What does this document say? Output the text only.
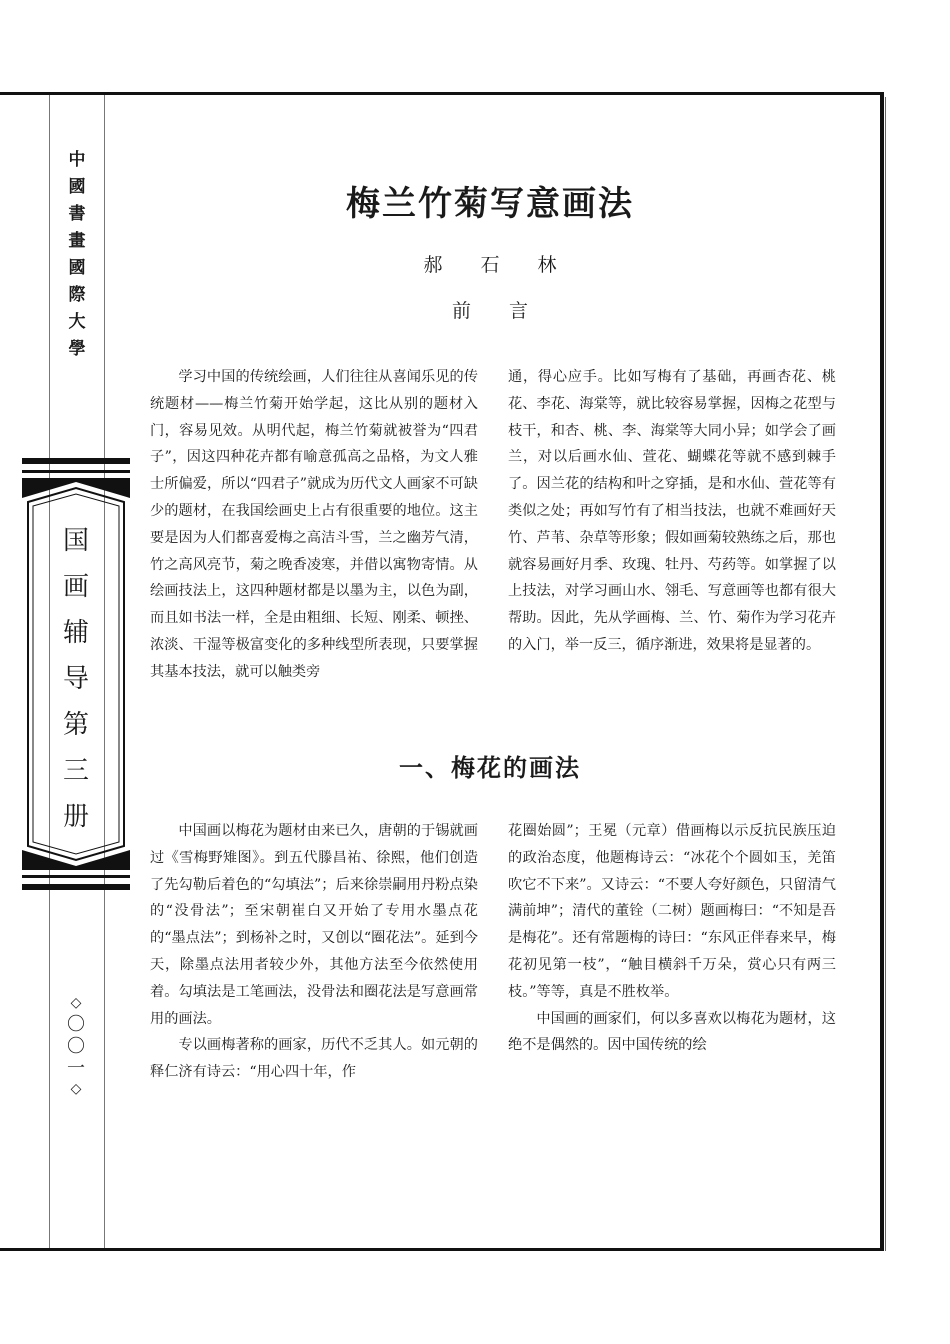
中
國
書
畫
國
際
大
學
国
画
辅
导
第
三
册
◇
〇
〇
一
◇
梅兰竹菊写意画法
郝石林
前言
学习中国的传统绘画，人们往往从喜闻乐见的传统题材——梅兰竹菊开始学起，这比从别的题材入门，容易见效。从明代起，梅兰竹菊就被誉为“四君子”，因这四种花卉都有喻意孤高之品格，为文人雅士所偏爱，所以“四君子”就成为历代文人画家不可缺少的题材，在我国绘画史上占有很重要的地位。这主要是因为人们都喜爱梅之高洁斗雪，兰之幽芳气清，竹之高风亮节，菊之晚香凌寒，并借以寓物寄情。从绘画技法上，这四种题材都是以墨为主，以色为副，而且如书法一样，全是由粗细、长短、刚柔、顿挫、浓淡、干湿等极富变化的多种线型所表现，只要掌握其基本技法，就可以触类旁
通，得心应手。比如写梅有了基础，再画杏花、桃花、李花、海棠等，就比较容易掌握，因梅之花型与枝干，和杏、桃、李、海棠等大同小异；如学会了画兰，对以后画水仙、萱花、蝴蝶花等就不感到棘手了。因兰花的结构和叶之穿插，是和水仙、萱花等有类似之处；再如写竹有了相当技法，也就不难画好天竹、芦苇、杂草等形象；假如画菊较熟练之后，那也就容易画好月季、玫瑰、牡丹、芍药等。如掌握了以上技法，对学习画山水、翎毛、写意画等也都有很大帮助。因此，先从学画梅、兰、竹、菊作为学习花卉的入门，举一反三，循序渐进，效果将是显著的。
一、梅花的画法
中国画以梅花为题材由来已久，唐朝的于锡就画过《雪梅野雉图》。到五代滕昌祐、徐熙，他们创造了先勾勒后着色的“勾填法”；后来徐崇嗣用丹粉点染的“没骨法”；至宋朝崔白又开始了专用水墨点花的“墨点法”；到杨补之时，又创以“圈花法”。延到今天，除墨点法用者较少外，其他方法至今依然使用着。勾填法是工笔画法，没骨法和圈花法是写意画常用的画法。
专以画梅著称的画家，历代不乏其人。如元朝的释仁济有诗云：“用心四十年，作
花圈始圆”；王冕（元章）借画梅以示反抗民族压迫的政治态度，他题梅诗云：“冰花个个圆如玉，羌笛吹它不下来”。又诗云：“不要人夸好颜色，只留清气满前坤”；清代的董铨（二树）题画梅曰：“不知是吾是梅花”。还有常题梅的诗曰：“东风正伴春来早，梅花初见第一枝”，“触目横斜千万朵，赏心只有两三枝。”等等，真是不胜枚举。
中国画的画家们，何以多喜欢以梅花为题材，这绝不是偶然的。因中国传统的绘
